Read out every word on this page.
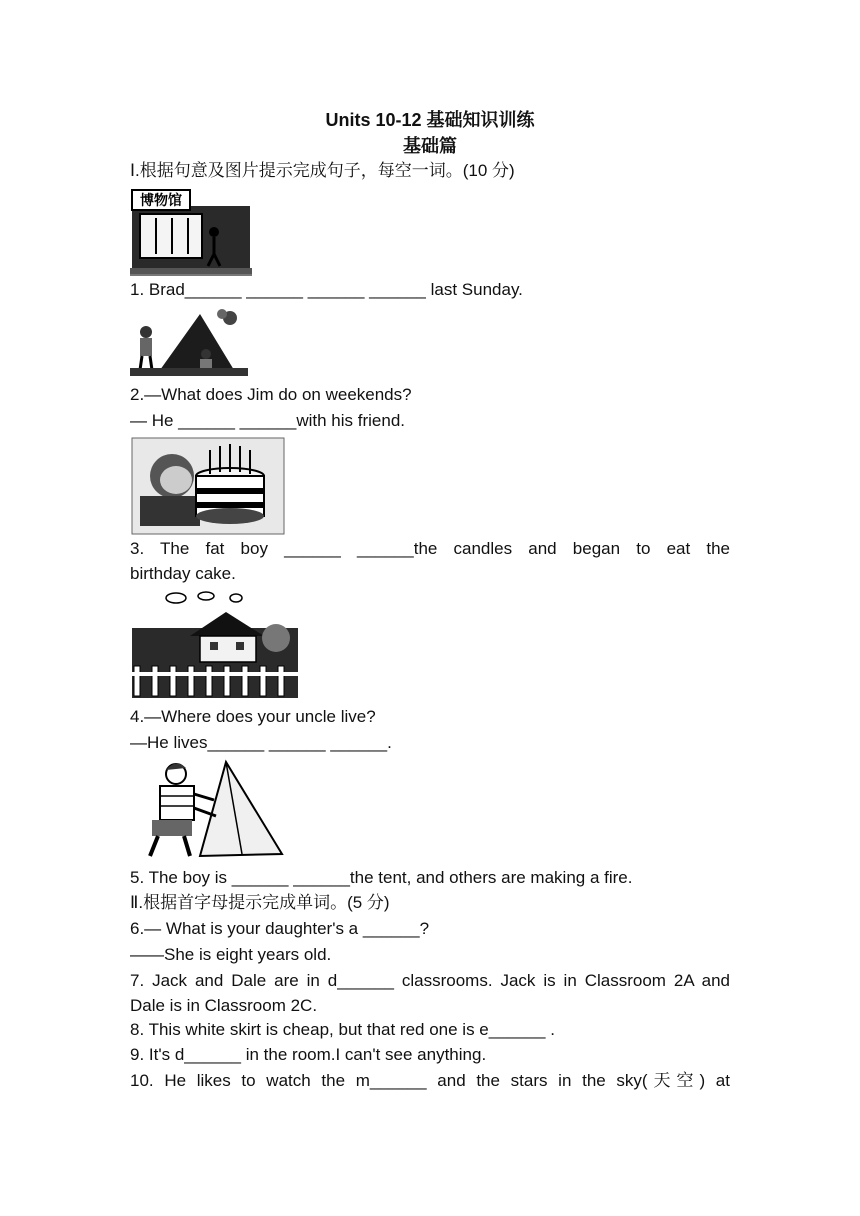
Units 10-12 基础知识训练
基础篇
Ⅰ.根据句意及图片提示完成句子，每空一词。(10 分)
博物馆
1. Brad______ ______ ______ ______ last Sunday.
2.—What does Jim do on weekends?
— He ______ ______with his friend.
3. The fat boy ______ ______the candles and began to eat the
birthday cake.
4.—Where does your uncle live?
—He lives______ ______ ______.
5. The boy is ______ ______the tent, and others are making a fire.
Ⅱ.根据首字母提示完成单词。(5 分)
6.— What is your daughter's a ______?
——She is eight years old.
7. Jack and Dale are in d______ classrooms. Jack is in Classroom 2A and
Dale is in Classroom 2C.
8. This white skirt is cheap, but that red one is e______ .
9. It's d______ in the room.I can't see anything.
10. He likes to watch the m______ and the stars in the sky(天空) at
